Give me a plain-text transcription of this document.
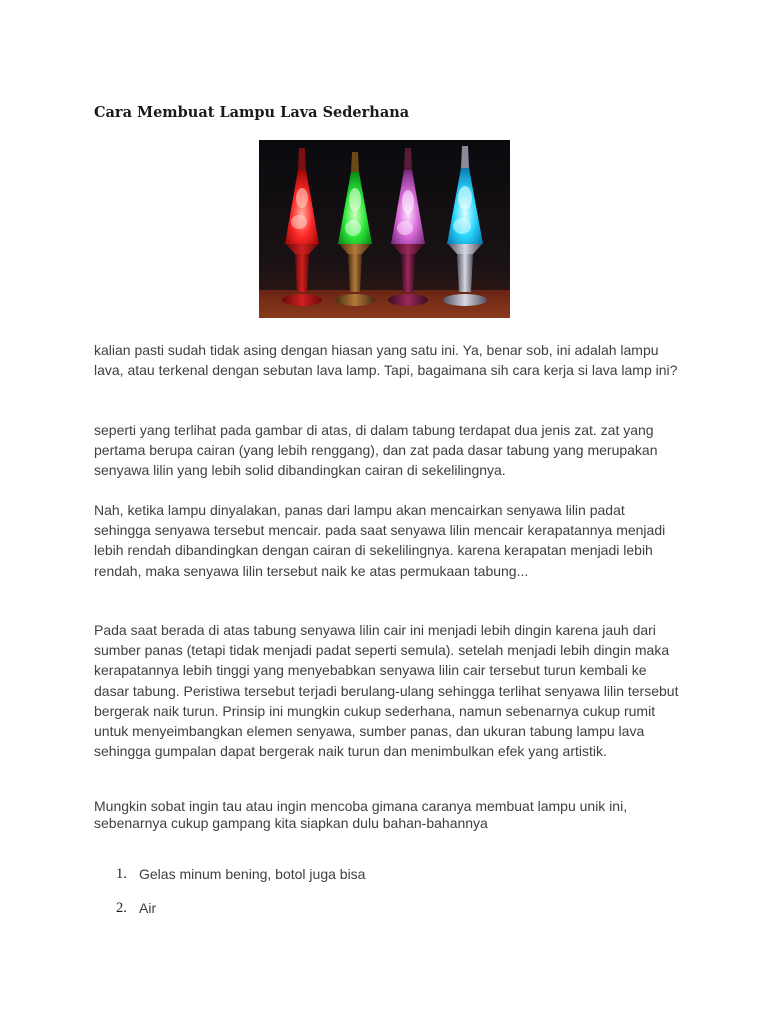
Cara Membuat Lampu Lava Sederhana

kalian pasti sudah tidak asing dengan hiasan yang satu ini. Ya, benar sob, ini adalah lampu lava, atau terkenal dengan sebutan lava lamp. Tapi, bagaimana sih cara kerja si lava lamp ini?

seperti yang terlihat pada gambar di atas, di dalam tabung terdapat dua jenis zat. zat yang pertama berupa cairan (yang lebih renggang), dan zat pada dasar tabung yang merupakan senyawa lilin yang lebih solid dibandingkan cairan di sekelilingnya.

Nah, ketika lampu dinyalakan, panas dari lampu akan mencairkan senyawa lilin padat sehingga senyawa tersebut mencair. pada saat senyawa lilin mencair kerapatannya menjadi lebih rendah dibandingkan dengan cairan di sekelilingnya. karena kerapatan menjadi lebih rendah, maka senyawa lilin tersebut naik ke atas permukaan tabung...

Pada saat berada di atas tabung senyawa lilin cair ini menjadi lebih dingin karena jauh dari sumber panas (tetapi tidak menjadi padat seperti semula). setelah menjadi lebih dingin maka kerapatannya lebih tinggi yang menyebabkan senyawa lilin cair tersebut turun kembali ke dasar tabung. Peristiwa tersebut terjadi berulang-ulang sehingga terlihat senyawa lilin tersebut bergerak naik turun. Prinsip ini mungkin cukup sederhana, namun sebenarnya cukup rumit untuk menyeimbangkan elemen senyawa, sumber panas, dan ukuran tabung lampu lava sehingga gumpalan dapat bergerak naik turun dan menimbulkan efek yang artistik.

Mungkin sobat ingin tau atau ingin mencoba gimana caranya membuat lampu unik ini, sebenarnya cukup gampang kita siapkan dulu bahan-bahannya

1. Gelas minum bening, botol juga bisa
2. Air
